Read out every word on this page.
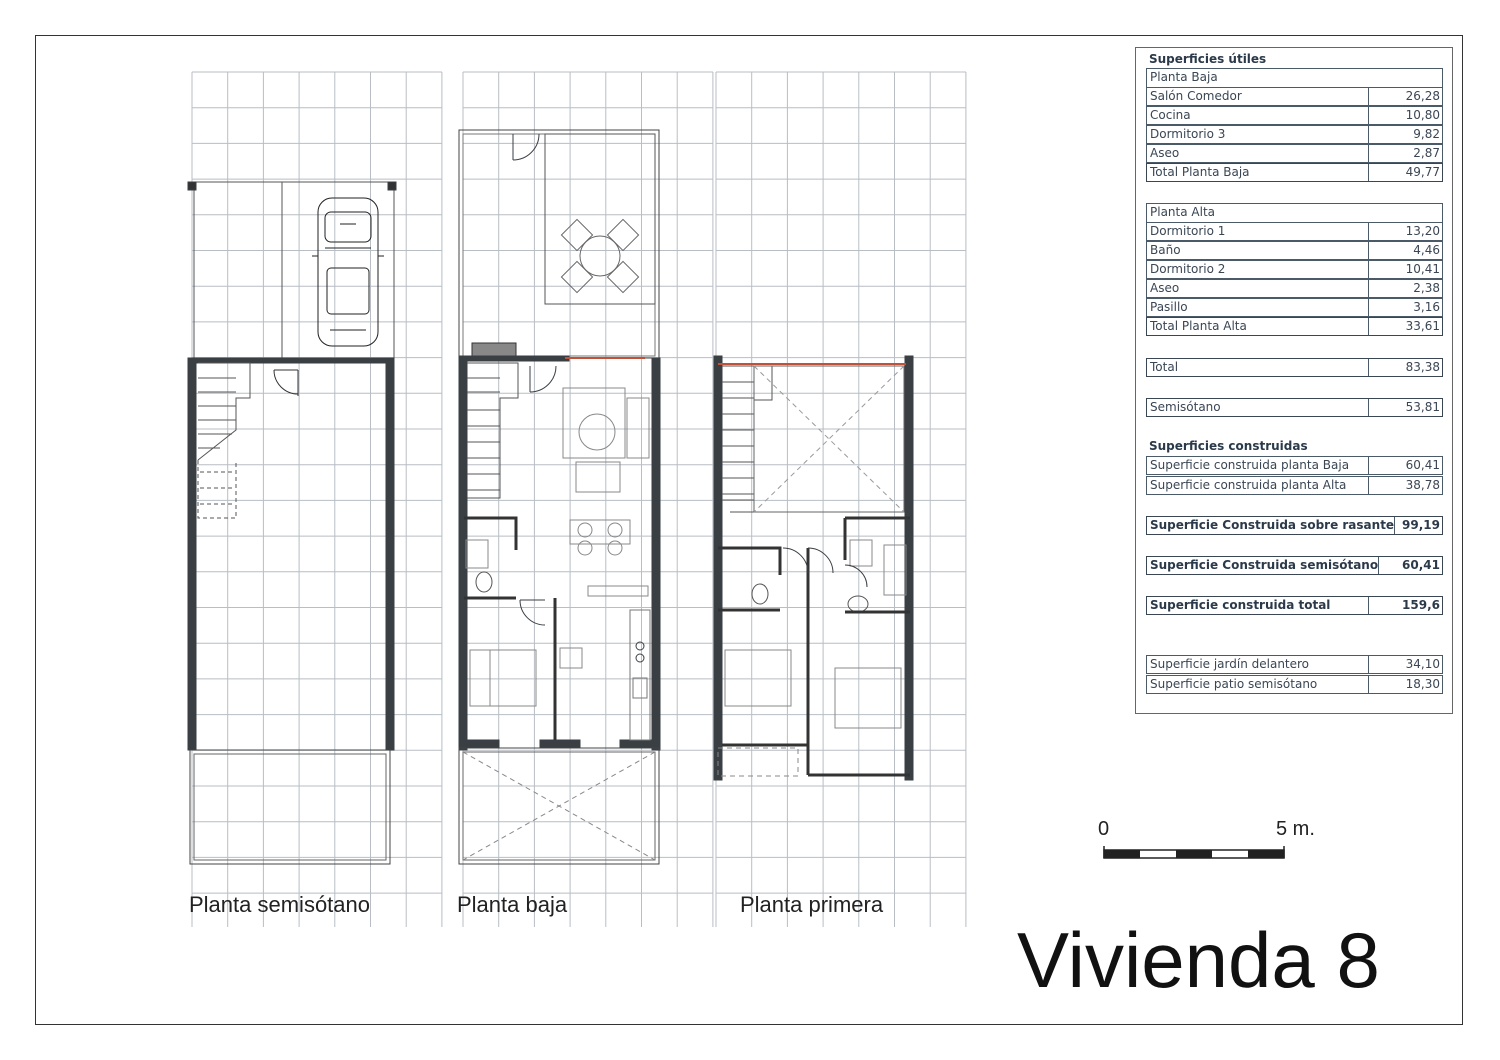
Planta semisótano	Planta baja	Planta primera
0	5 m.
Vivienda 8
Superficies útiles
Planta Baja
Salón Comedor	26,28
Cocina	10,80
Dormitorio 3	9,82
Aseo	2,87
Total Planta Baja	49,77
Planta Alta
Dormitorio 1	13,20
Baño	4,46
Dormitorio 2	10,41
Aseo	2,38
Pasillo	3,16
Total Planta Alta	33,61
Total	83,38
Semisótano	53,81
Superficies construidas
Superficie construida planta Baja	60,41
Superficie construida planta Alta	38,78
Superficie Construida sobre rasante 99,19
Superficie Construida semisótano	60,41
Superficie construida total	159,6
Superficie jardín delantero	34,10
Superficie patio semisótano	18,30
